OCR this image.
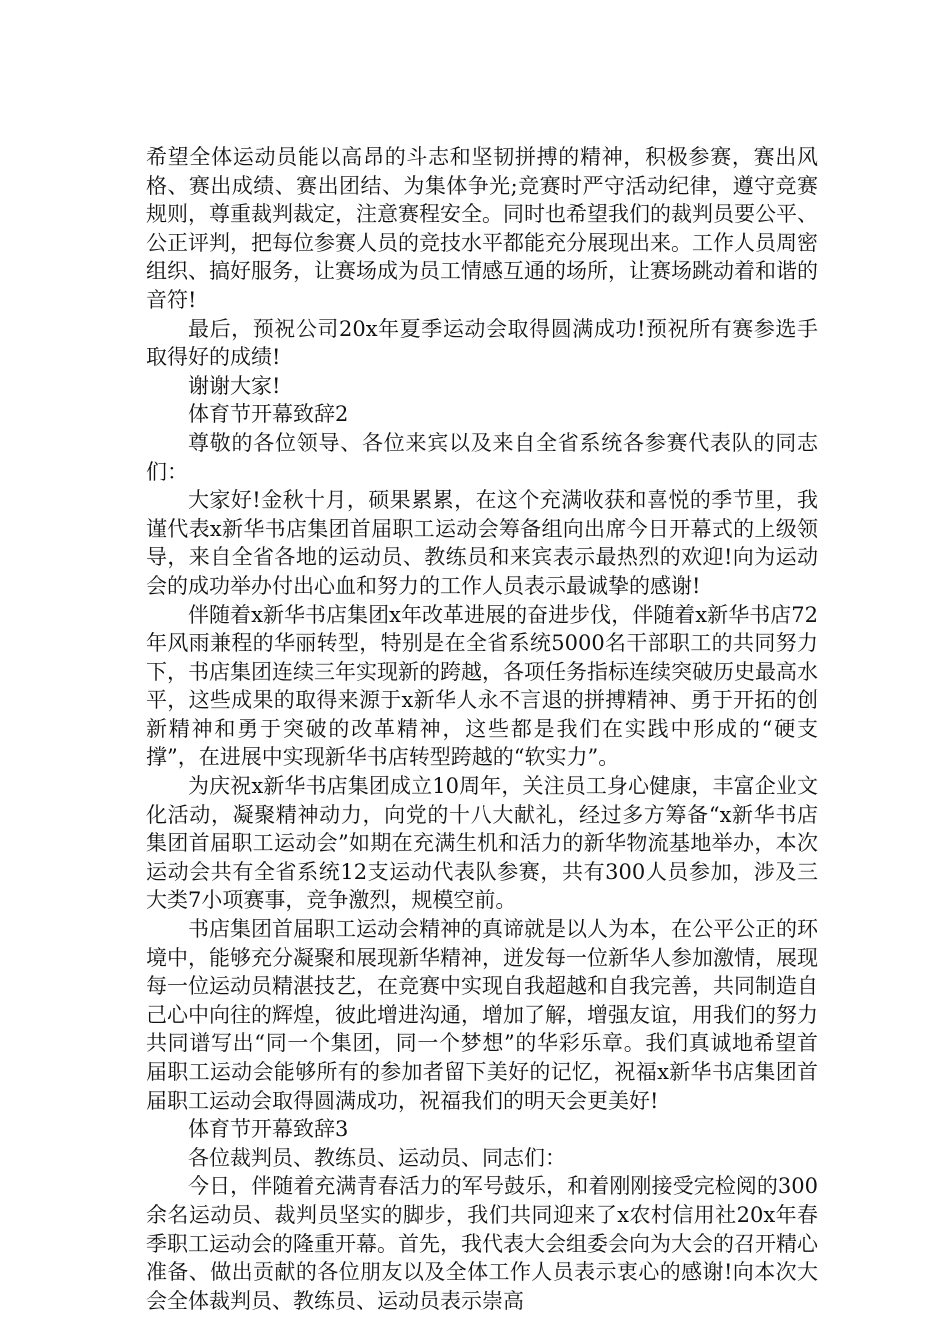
希望全体运动员能以高昂的斗志和坚韧拼搏的精神，积极参赛，赛出风格、赛出成绩、赛出团结、为集体争光;竞赛时严守活动纪律，遵守竞赛规则，尊重裁判裁定，注意赛程安全。同时也希望我们的裁判员要公平、公正评判，把每位参赛人员的竞技水平都能充分展现出来。工作人员周密组织、搞好服务，让赛场成为员工情感互通的场所，让赛场跳动着和谐的音符!

最后，预祝公司20x年夏季运动会取得圆满成功!预祝所有赛参选手取得好的成绩!

谢谢大家!

体育节开幕致辞2

尊敬的各位领导、各位来宾以及来自全省系统各参赛代表队的同志们：

大家好!金秋十月，硕果累累，在这个充满收获和喜悦的季节里，我谨代表x新华书店集团首届职工运动会筹备组向出席今日开幕式的上级领导，来自全省各地的运动员、教练员和来宾表示最热烈的欢迎!向为运动会的成功举办付出心血和努力的工作人员表示最诚挚的感谢!

伴随着x新华书店集团x年改革进展的奋进步伐，伴随着x新华书店72年风雨兼程的华丽转型，特别是在全省系统5000名干部职工的共同努力下，书店集团连续三年实现新的跨越，各项任务指标连续突破历史最高水平，这些成果的取得来源于x新华人永不言退的拼搏精神、勇于开拓的创新精神和勇于突破的改革精神，这些都是我们在实践中形成的“硬支撑”，在进展中实现新华书店转型跨越的“软实力”。

为庆祝x新华书店集团成立10周年，关注员工身心健康，丰富企业文化活动，凝聚精神动力，向党的十八大献礼，经过多方筹备“x新华书店集团首届职工运动会”如期在充满生机和活力的新华物流基地举办，本次运动会共有全省系统12支运动代表队参赛，共有300人员参加，涉及三大类7小项赛事，竞争激烈，规模空前。

书店集团首届职工运动会精神的真谛就是以人为本，在公平公正的环境中，能够充分凝聚和展现新华精神，迸发每一位新华人参加激情，展现每一位运动员精湛技艺，在竞赛中实现自我超越和自我完善，共同制造自己心中向往的辉煌，彼此增进沟通，增加了解，增强友谊，用我们的努力共同谱写出“同一个集团，同一个梦想”的华彩乐章。我们真诚地希望首届职工运动会能够所有的参加者留下美好的记忆，祝福x新华书店集团首届职工运动会取得圆满成功，祝福我们的明天会更美好!

体育节开幕致辞3

各位裁判员、教练员、运动员、同志们：

今日，伴随着充满青春活力的军号鼓乐，和着刚刚接受完检阅的300余名运动员、裁判员坚实的脚步，我们共同迎来了x农村信用社20x年春季职工运动会的隆重开幕。首先，我代表大会组委会向为大会的召开精心准备、做出贡献的各位朋友以及全体工作人员表示衷心的感谢!向本次大会全体裁判员、教练员、运动员表示崇高
